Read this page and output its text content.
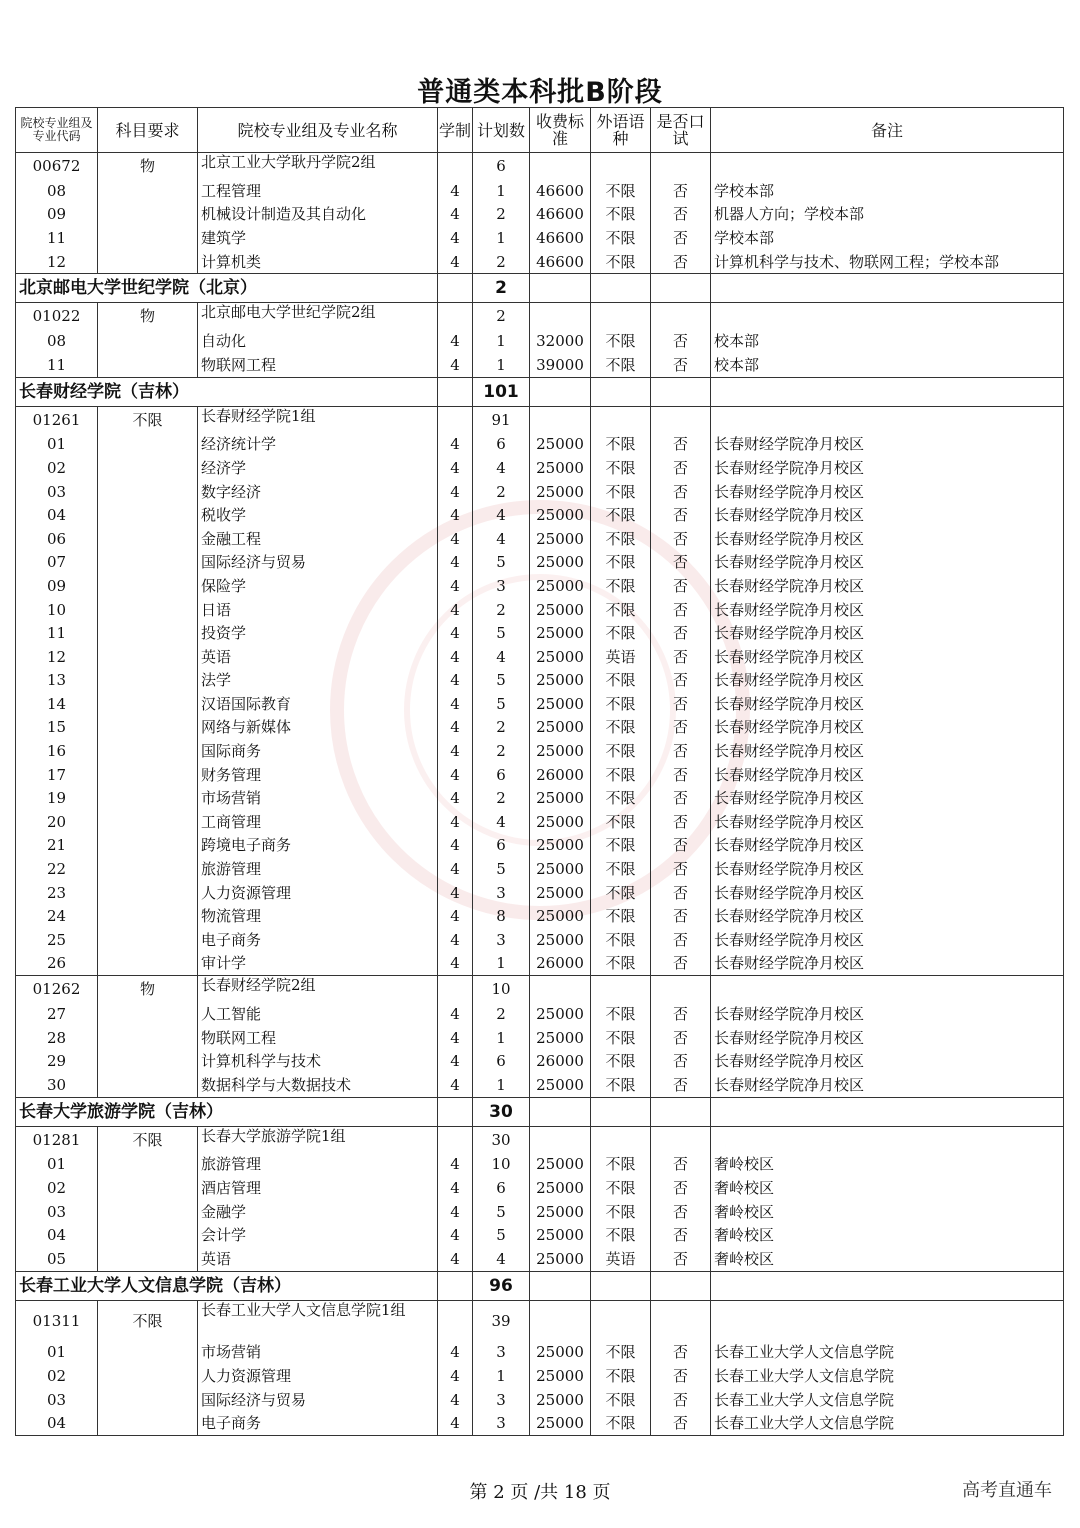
普通类本科批B阶段
院校专业组及专业代码	科目要求	院校专业组及专业名称	学制	计划数	收费标准	外语语种	是否口试	备注
00672	物	北京工业大学耿丹学院2组		6				
08		工程管理	4	1	46600	不限	否	学校本部
09		机械设计制造及其自动化	4	2	46600	不限	否	机器人方向；学校本部
11		建筑学	4	1	46600	不限	否	学校本部
12		计算机类	4	2	46600	不限	否	计算机科学与技术、物联网工程；学校本部
北京邮电大学世纪学院（北京）				2				
01022	物	北京邮电大学世纪学院2组		2				
08		自动化	4	1	32000	不限	否	校本部
11		物联网工程	4	1	39000	不限	否	校本部
长春财经学院（吉林）				101				
01261	不限	长春财经学院1组		91				
01		经济统计学	4	6	25000	不限	否	长春财经学院净月校区
02		经济学	4	4	25000	不限	否	长春财经学院净月校区
03		数字经济	4	2	25000	不限	否	长春财经学院净月校区
04		税收学	4	4	25000	不限	否	长春财经学院净月校区
06		金融工程	4	4	25000	不限	否	长春财经学院净月校区
07		国际经济与贸易	4	5	25000	不限	否	长春财经学院净月校区
09		保险学	4	3	25000	不限	否	长春财经学院净月校区
10		日语	4	2	25000	不限	否	长春财经学院净月校区
11		投资学	4	5	25000	不限	否	长春财经学院净月校区
12		英语	4	4	25000	英语	否	长春财经学院净月校区
13		法学	4	5	25000	不限	否	长春财经学院净月校区
14		汉语国际教育	4	5	25000	不限	否	长春财经学院净月校区
15		网络与新媒体	4	2	25000	不限	否	长春财经学院净月校区
16		国际商务	4	2	25000	不限	否	长春财经学院净月校区
17		财务管理	4	6	26000	不限	否	长春财经学院净月校区
19		市场营销	4	2	25000	不限	否	长春财经学院净月校区
20		工商管理	4	4	25000	不限	否	长春财经学院净月校区
21		跨境电子商务	4	6	25000	不限	否	长春财经学院净月校区
22		旅游管理	4	5	25000	不限	否	长春财经学院净月校区
23		人力资源管理	4	3	25000	不限	否	长春财经学院净月校区
24		物流管理	4	8	25000	不限	否	长春财经学院净月校区
25		电子商务	4	3	25000	不限	否	长春财经学院净月校区
26		审计学	4	1	26000	不限	否	长春财经学院净月校区
01262	物	长春财经学院2组		10				
27		人工智能	4	2	25000	不限	否	长春财经学院净月校区
28		物联网工程	4	1	25000	不限	否	长春财经学院净月校区
29		计算机科学与技术	4	6	26000	不限	否	长春财经学院净月校区
30		数据科学与大数据技术	4	1	25000	不限	否	长春财经学院净月校区
长春大学旅游学院（吉林）				30				
01281	不限	长春大学旅游学院1组		30				
01		旅游管理	4	10	25000	不限	否	奢岭校区
02		酒店管理	4	6	25000	不限	否	奢岭校区
03		金融学	4	5	25000	不限	否	奢岭校区
04		会计学	4	5	25000	不限	否	奢岭校区
05		英语	4	4	25000	英语	否	奢岭校区
长春工业大学人文信息学院（吉林）				96				
01311	不限	长春工业大学人文信息学院1组		39				
01		市场营销	4	3	25000	不限	否	长春工业大学人文信息学院
02		人力资源管理	4	1	25000	不限	否	长春工业大学人文信息学院
03		国际经济与贸易	4	3	25000	不限	否	长春工业大学人文信息学院
04		电子商务	4	3	25000	不限	否	长春工业大学人文信息学院
第 2 页 /共 18 页	高考直通车
